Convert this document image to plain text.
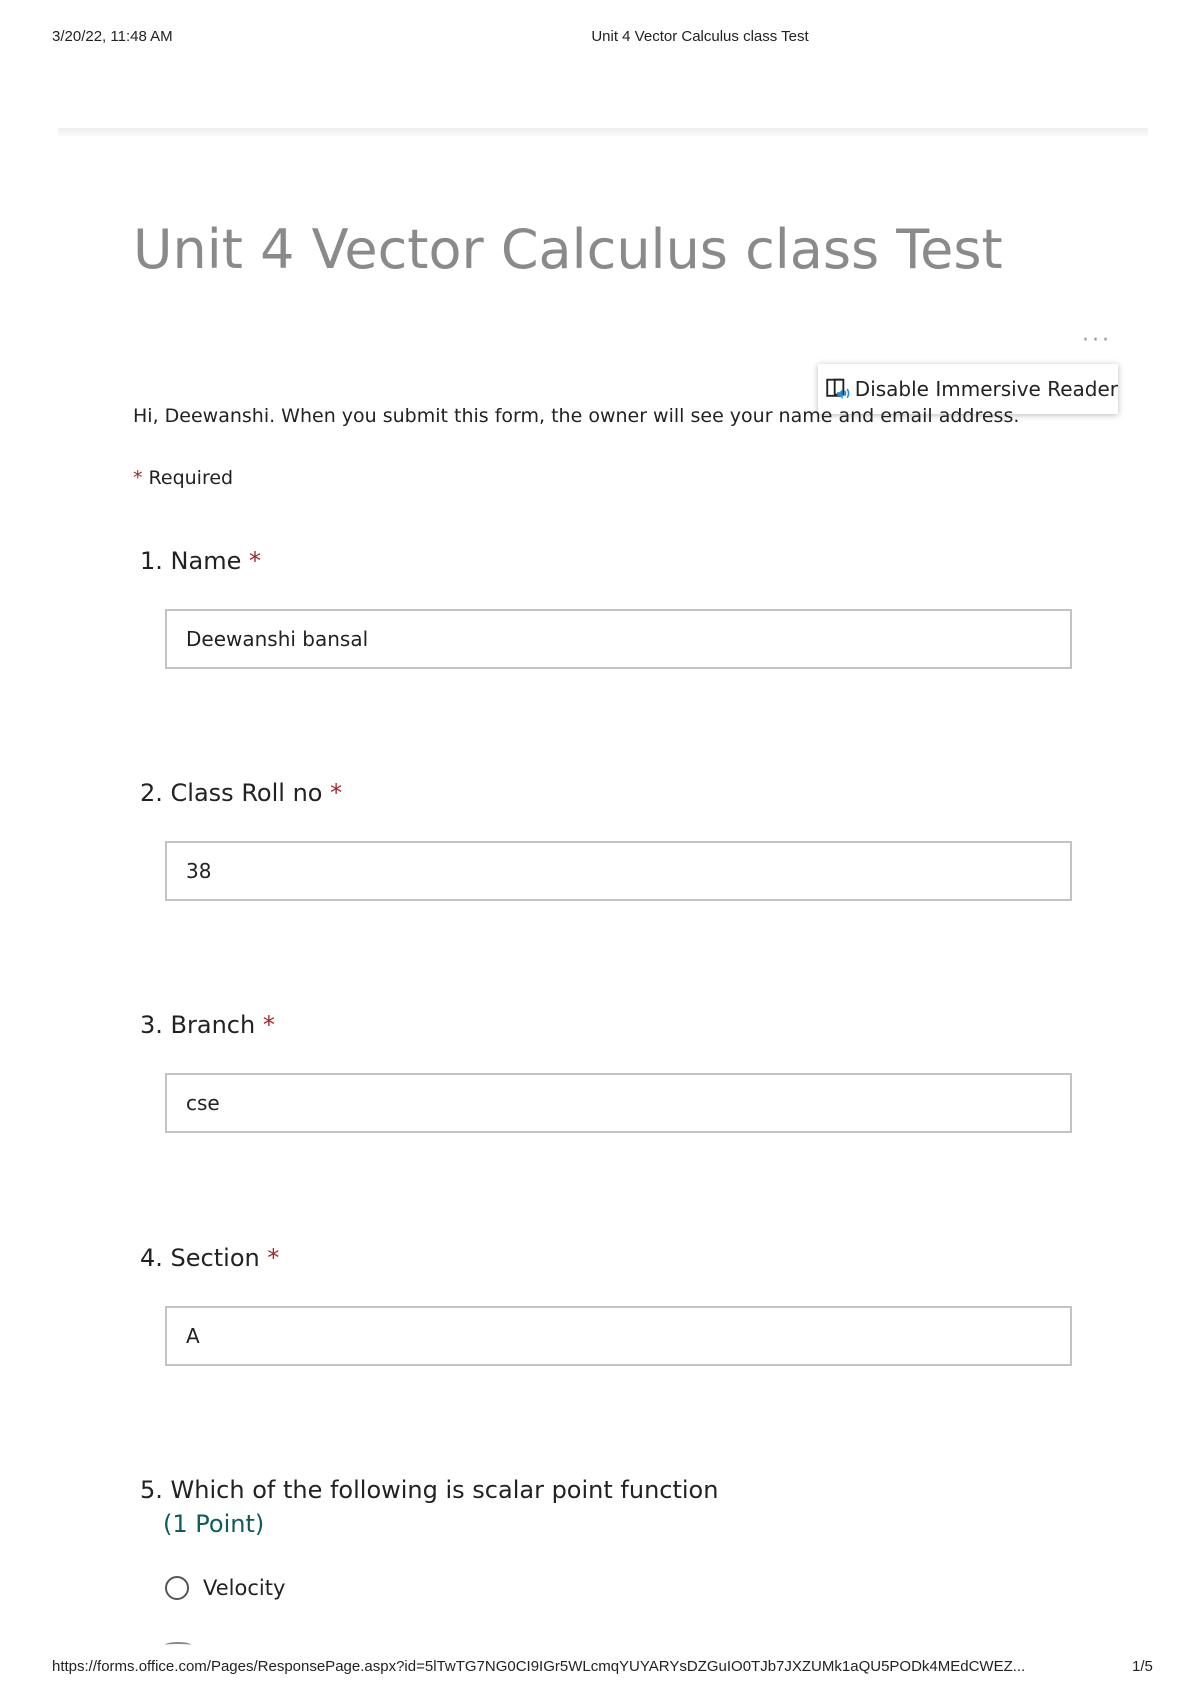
3/20/22, 11:48 AM	Unit 4 Vector Calculus class Test
Unit 4 Vector Calculus class Test
···
Disable Immersive Reader
Hi, Deewanshi. When you submit this form, the owner will see your name and email address.
* Required
1. Name *
Deewanshi bansal
2. Class Roll no *
38
3. Branch *
cse
4. Section *
A
5. Which of the following is scalar point function
(1 Point)
Velocity
https://forms.office.com/Pages/ResponsePage.aspx?id=5lTwTG7NG0CI9IGr5WLcmqYUYARYsDZGuIO0TJb7JXZUMk1aQU5PODk4MEdCWEZ...	1/5
